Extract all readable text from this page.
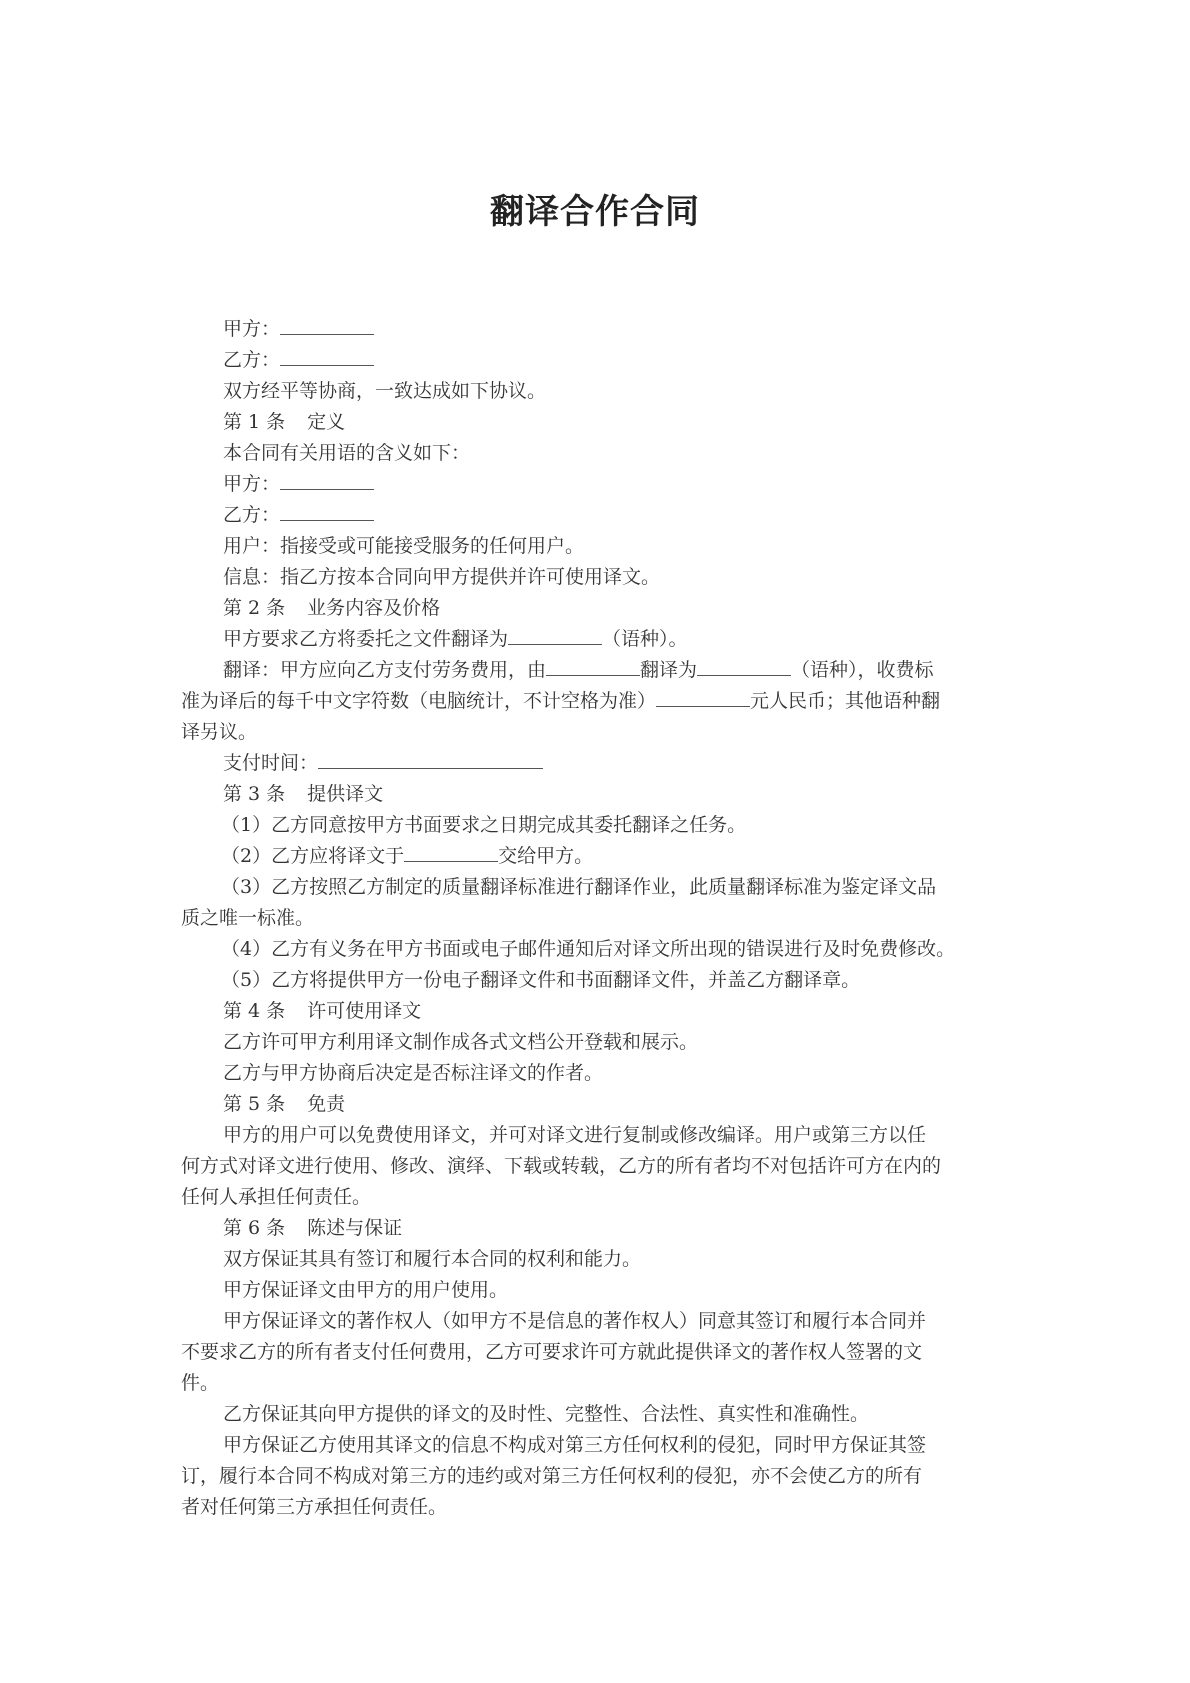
翻译合作合同
甲方：
乙方：
双方经平等协商，一致达成如下协议。
第 1 条 定义
本合同有关用语的含义如下：
甲方：
乙方：
用户：指接受或可能接受服务的任何用户。
信息：指乙方按本合同向甲方提供并许可使用译文。
第 2 条 业务内容及价格
甲方要求乙方将委托之文件翻译为	（语种）。
翻译：甲方应向乙方支付劳务费用，由	翻译为	（语种），收费标
准为译后的每千中文字符数（电脑统计，不计空格为准）	元人民币；其他语种翻
译另议。
支付时间：
第 3 条 提供译文
（1）乙方同意按甲方书面要求之日期完成其委托翻译之任务。
（2）乙方应将译文于	交给甲方。
（3）乙方按照乙方制定的质量翻译标准进行翻译作业，此质量翻译标准为鉴定译文品
质之唯一标准。
（4）乙方有义务在甲方书面或电子邮件通知后对译文所出现的错误进行及时免费修改。
（5）乙方将提供甲方一份电子翻译文件和书面翻译文件，并盖乙方翻译章。
第 4 条 许可使用译文
乙方许可甲方利用译文制作成各式文档公开登载和展示。
乙方与甲方协商后决定是否标注译文的作者。
第 5 条 免责
甲方的用户可以免费使用译文，并可对译文进行复制或修改编译。用户或第三方以任
何方式对译文进行使用、修改、演绎、下载或转载，乙方的所有者均不对包括许可方在内的
任何人承担任何责任。
第 6 条 陈述与保证
双方保证其具有签订和履行本合同的权利和能力。
甲方保证译文由甲方的用户使用。
甲方保证译文的著作权人（如甲方不是信息的著作权人）同意其签订和履行本合同并
不要求乙方的所有者支付任何费用，乙方可要求许可方就此提供译文的著作权人签署的文
件。
乙方保证其向甲方提供的译文的及时性、完整性、合法性、真实性和准确性。
甲方保证乙方使用其译文的信息不构成对第三方任何权利的侵犯，同时甲方保证其签
订，履行本合同不构成对第三方的违约或对第三方任何权利的侵犯，亦不会使乙方的所有
者对任何第三方承担任何责任。
